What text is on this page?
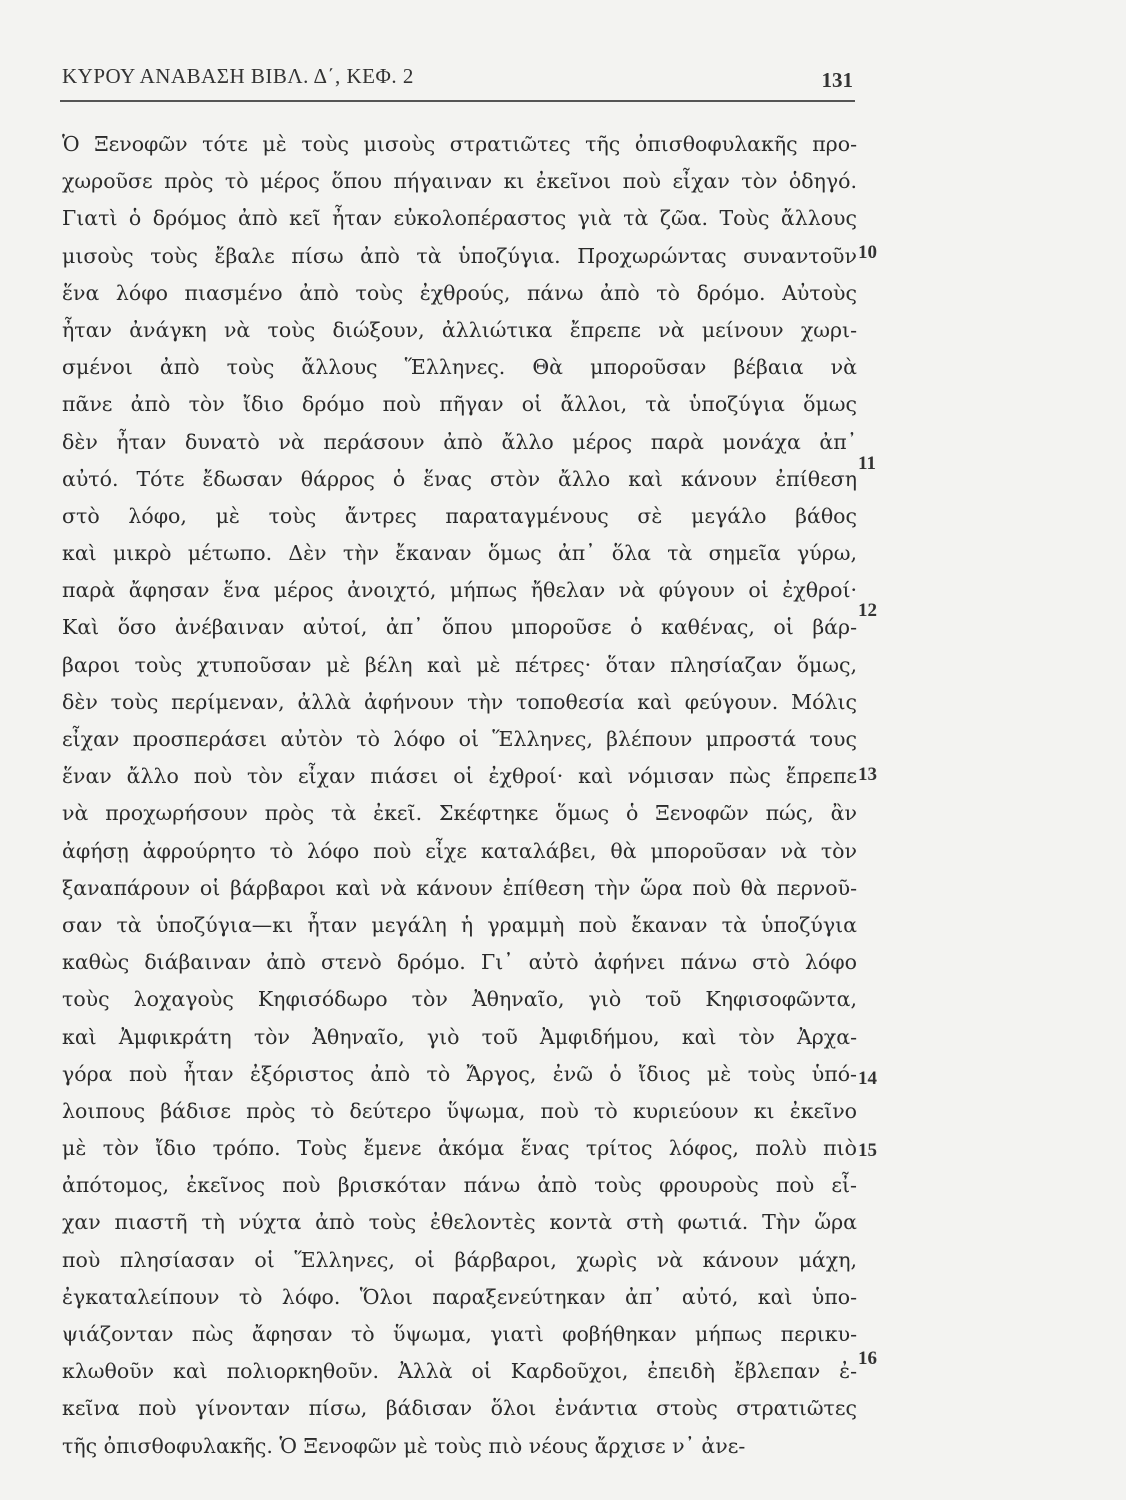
ΚΥΡΟΥ ΑΝΑΒΑΣΗ ΒΙΒΛ. Δ΄, ΚΕΦ. 2	131
Ὁ Ξενοφῶν τότε μὲ τοὺς μισοὺς στρατιῶτες τῆς ὀπισθοφυλακῆς προ-
χωροῦσε πρὸς τὸ μέρος ὅπου πήγαιναν κι ἐκεῖνοι ποὺ εἶχαν τὸν ὁδηγό.
Γιατὶ ὁ δρόμος ἀπὸ κεῖ ἦταν εὐκολοπέραστος γιὰ τὰ ζῶα. Τοὺς ἄλλους
μισοὺς τοὺς ἔβαλε πίσω ἀπὸ τὰ ὑποζύγια. Προχωρώντας συναντοῦν
ἕνα λόφο πιασμένο ἀπὸ τοὺς ἐχθρούς, πάνω ἀπὸ τὸ δρόμο. Αὐτοὺς
ἦταν ἀνάγκη νὰ τοὺς διώξουν, ἀλλιώτικα ἔπρεπε νὰ μείνουν χωρι-
σμένοι ἀπὸ τοὺς ἄλλους Ἕλληνες. Θὰ μποροῦσαν βέβαια νὰ
πᾶνε ἀπὸ τὸν ἴδιο δρόμο ποὺ πῆγαν οἱ ἄλλοι, τὰ ὑποζύγια ὅμως
δὲν ἦταν δυνατὸ νὰ περάσουν ἀπὸ ἄλλο μέρος παρὰ μονάχα ἀπ᾽
αὐτό. Τότε ἔδωσαν θάρρος ὁ ἕνας στὸν ἄλλο καὶ κάνουν ἐπίθεση
στὸ λόφο, μὲ τοὺς ἄντρες παραταγμένους σὲ μεγάλο βάθος
καὶ μικρὸ μέτωπο. Δὲν τὴν ἔκαναν ὅμως ἀπ᾽ ὅλα τὰ σημεῖα γύρω,
παρὰ ἄφησαν ἕνα μέρος ἀνοιχτό, μήπως ἤθελαν νὰ φύγουν οἱ ἐχθροί·
Καὶ ὅσο ἀνέβαιναν αὐτοί, ἀπ᾽ ὅπου μποροῦσε ὁ καθένας, οἱ βάρ-
βαροι τοὺς χτυποῦσαν μὲ βέλη καὶ μὲ πέτρες· ὅταν πλησίαζαν ὅμως,
δὲν τοὺς περίμεναν, ἀλλὰ ἀφήνουν τὴν τοποθεσία καὶ φεύγουν. Μόλις
εἶχαν προσπεράσει αὐτὸν τὸ λόφο οἱ Ἕλληνες, βλέπουν μπροστά τους
ἕναν ἄλλο ποὺ τὸν εἶχαν πιάσει οἱ ἐχθροί· καὶ νόμισαν πὼς ἔπρεπε
νὰ προχωρήσουν πρὸς τὰ ἐκεῖ. Σκέφτηκε ὅμως ὁ Ξενοφῶν πώς, ἂν
ἀφήσῃ ἀφρούρητο τὸ λόφο ποὺ εἶχε καταλάβει, θὰ μποροῦσαν νὰ τὸν
ξαναπάρουν οἱ βάρβαροι καὶ νὰ κάνουν ἐπίθεση τὴν ὥρα ποὺ θὰ περνοῦ-
σαν τὰ ὑποζύγια—κι ἦταν μεγάλη ἡ γραμμὴ ποὺ ἔκαναν τὰ ὑποζύγια
καθὼς διάβαιναν ἀπὸ στενὸ δρόμο. Γι᾽ αὐτὸ ἀφήνει πάνω στὸ λόφο
τοὺς λοχαγοὺς Κηφισόδωρο τὸν Ἀθηναῖο, γιὸ τοῦ Κηφισοφῶντα,
καὶ Ἀμφικράτη τὸν Ἀθηναῖο, γιὸ τοῦ Ἀμφιδήμου, καὶ τὸν Ἀρχα-
γόρα ποὺ ἦταν ἐξόριστος ἀπὸ τὸ Ἄργος, ἐνῶ ὁ ἴδιος μὲ τοὺς ὑπό-
λοιπους βάδισε πρὸς τὸ δεύτερο ὕψωμα, ποὺ τὸ κυριεύουν κι ἐκεῖνο
μὲ τὸν ἴδιο τρόπο. Τοὺς ἔμενε ἀκόμα ἕνας τρίτος λόφος, πολὺ πιὸ
ἀπότομος, ἐκεῖνος ποὺ βρισκόταν πάνω ἀπὸ τοὺς φρουροὺς ποὺ εἶ-
χαν πιαστῆ τὴ νύχτα ἀπὸ τοὺς ἐθελοντὲς κοντὰ στὴ φωτιά. Τὴν ὥρα
ποὺ πλησίασαν οἱ Ἕλληνες, οἱ βάρβαροι, χωρὶς νὰ κάνουν μάχη,
ἐγκαταλείπουν τὸ λόφο. Ὅλοι παραξενεύτηκαν ἀπ᾽ αὐτό, καὶ ὑπο-
ψιάζονταν πὼς ἄφησαν τὸ ὕψωμα, γιατὶ φοβήθηκαν μήπως περικυ-
κλωθοῦν καὶ πολιορκηθοῦν. Ἀλλὰ οἱ Καρδοῦχοι, ἐπειδὴ ἔβλεπαν ἐ-
κεῖνα ποὺ γίνονταν πίσω, βάδισαν ὅλοι ἐνάντια στοὺς στρατιῶτες
τῆς ὀπισθοφυλακῆς. Ὁ Ξενοφῶν μὲ τοὺς πιὸ νέους ἄρχισε ν᾽ ἀνε-
10
11
12
13
14
15
16
